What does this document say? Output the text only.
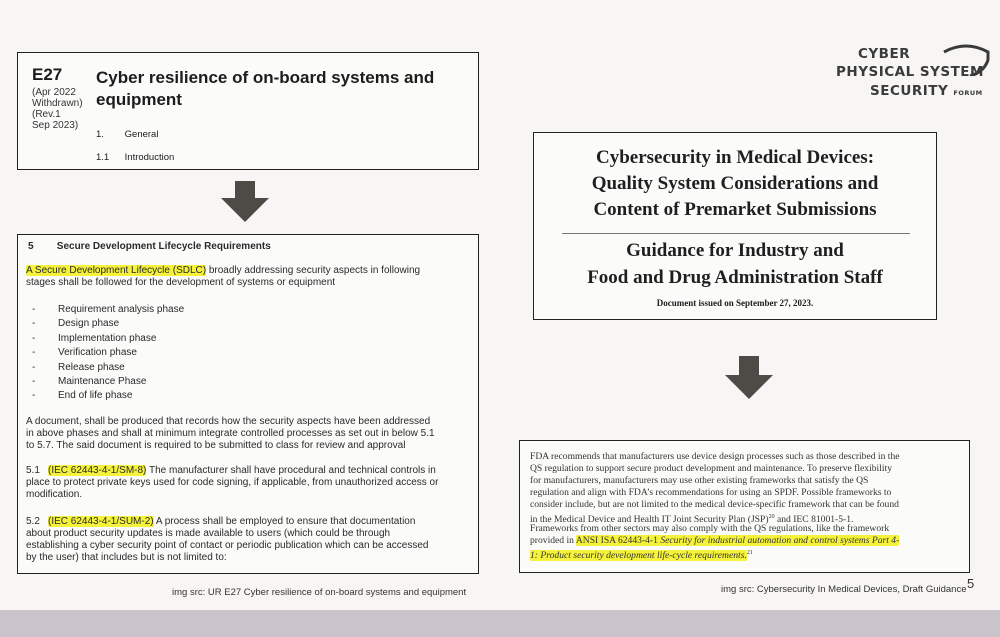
CYBER
PHYSICAL SYSTEM
SECURITY FORUM
E27
(Apr 2022
Withdrawn)
(Rev.1
Sep 2023)
Cyber resilience of on-board systems and equipment
1. General
1.1 Introduction
5 Secure Development Lifecycle Requirements
A Secure Development Lifecycle (SDLC) broadly addressing security aspects in following
stages shall be followed for the development of systems or equipment
- Requirement analysis phase
- Design phase
- Implementation phase
- Verification phase
- Release phase
- Maintenance Phase
- End of life phase
A document, shall be produced that records how the security aspects have been addressed
in above phases and shall at minimum integrate controlled processes as set out in below 5.1
to 5.7. The said document is required to be submitted to class for review and approval
5.1 (IEC 62443-4-1/SM-8) The manufacturer shall have procedural and technical controls in
place to protect private keys used for code signing, if applicable, from unauthorized access or
modification.
5.2 (IEC 62443-4-1/SUM-2) A process shall be employed to ensure that documentation
about product security updates is made available to users (which could be through
establishing a cyber security point of contact or periodic publication which can be accessed
by the user) that includes but is not limited to:
Cybersecurity in Medical Devices:
Quality System Considerations and
Content of Premarket Submissions
Guidance for Industry and
Food and Drug Administration Staff
Document issued on September 27, 2023.
FDA recommends that manufacturers use device design processes such as those described in the
QS regulation to support secure product development and maintenance. To preserve flexibility
for manufacturers, manufacturers may use other existing frameworks that satisfy the QS
regulation and align with FDA’s recommendations for using an SPDF. Possible frameworks to
consider include, but are not limited to the medical device-specific framework that can be found
in the Medical Device and Health IT Joint Security Plan (JSP)$^{20}$ and IEC 81001-5-1.
Frameworks from other sectors may also comply with the QS regulations, like the framework
provided in ANSI ISA 62443-4-1 Security for industrial automation and control systems Part 4-
1: Product security development life-cycle requirements.$^{21}$
img src: UR E27 Cyber resilience of on-board systems and equipment	img src: Cybersecurity In Medical Devices, Draft Guidance 5
